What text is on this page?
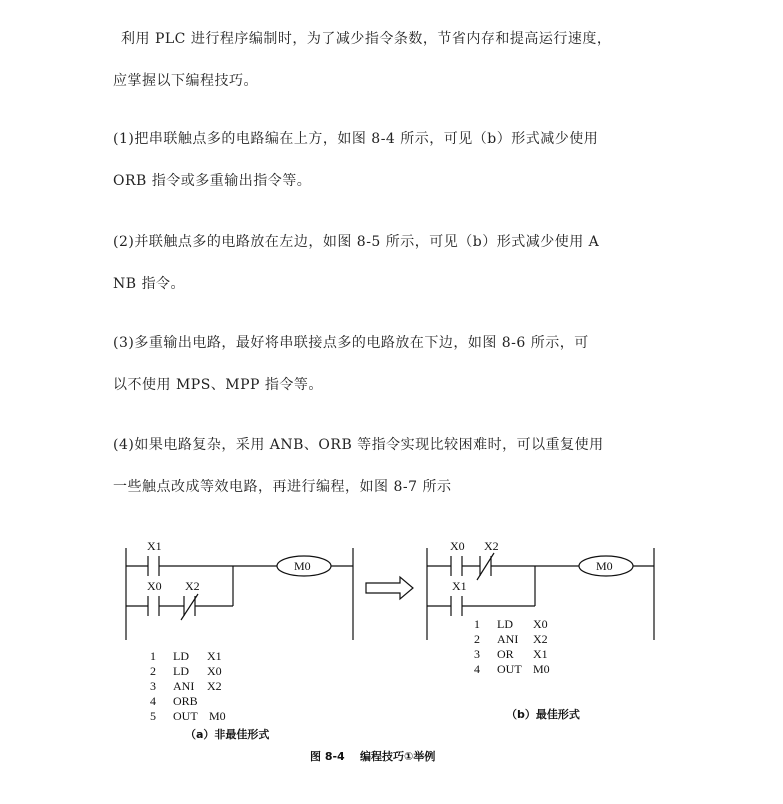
利用 PLC 进行程序编制时，为了减少指令条数，节省内存和提高运行速度，
应掌握以下编程技巧。
(1)把串联触点多的电路编在上方，如图 8-4 所示，可见（b）形式减少使用
ORB 指令或多重输出指令等。
(2)并联触点多的电路放在左边，如图 8-5 所示，可见（b）形式减少使用 A
NB 指令。
(3)多重输出电路，最好将串联接点多的电路放在下边，如图 8-6 所示，可
以不使用 MPS、MPP 指令等。
(4)如果电路复杂，采用 ANB、ORB 等指令实现比较困难时，可以重复使用
一些触点改成等效电路，再进行编程，如图 8-7 所示
X1
X0 X2
M0
X0 X2
X1
M0
1 LD X1
2 LD X0
3 ANI X2
4 ORB
5 OUT M0
1 LD X0
2 ANI X2
3 OR X1
4 OUT M0
（a）非最佳形式
（b）最佳形式
图 8-4    编程技巧①举例
